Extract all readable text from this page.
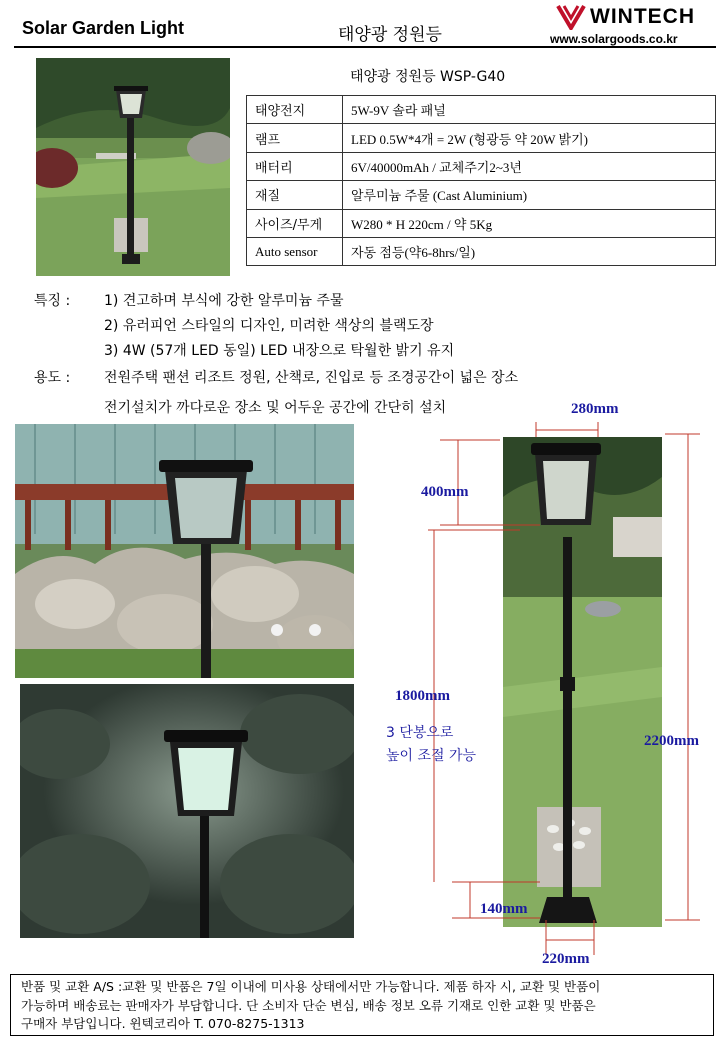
Solar Garden Light	태양광 정원등
WINTECH
www.solargoods.co.kr
태양광 정원등 WSP-G40
태양전지	5W-9V 솔라 패널
램프	LED 0.5W*4개 = 2W (형광등 약 20W 밝기)
배터리	6V/40000mAh / 교체주기2~3년
재질	알루미늄 주물 (Cast Aluminium)
사이즈/무게	W280 * H 220cm / 약 5Kg
Auto sensor	자동 점등(약6-8hrs/일)
특징 : 1) 견고하며 부식에 강한 알루미늄 주물
2) 유러피언 스타일의 디자인, 미려한 색상의 블랙도장
3) 4W (57개 LED 동일) LED 내장으로 탁월한 밝기 유지
용도 : 전원주택 팬션 리조트 정원, 산책로, 진입로 등 조경공간이 넓은 장소
전기설치가 까다로운 장소 및 어두운 공간에 간단히 설치	280mm
400mm
1800mm
3 단봉으로
높이 조절 가능
2200mm
140mm
220mm
반품 및 교환 A/S :교환 및 반품은 7일 이내에 미사용 상태에서만 가능합니다. 제품 하자 시, 교환 및 반품이
가능하며 배송료는 판매자가 부담합니다. 단 소비자 단순 변심, 배송 정보 오류 기재로 인한 교환 및 반품은
구매자 부담입니다. 윈텍코리아 T. 070-8275-1313
